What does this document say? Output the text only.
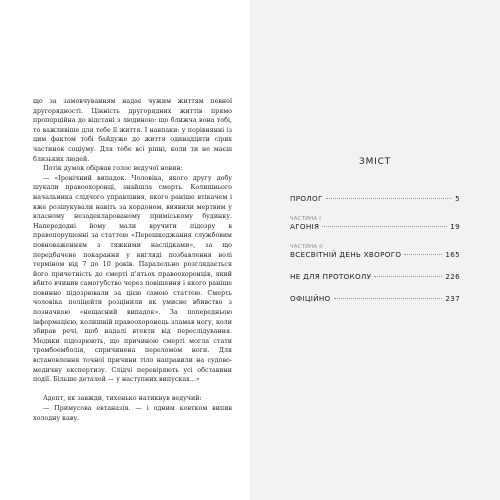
що за замовчуванням надає чужим життям певної другорядності. Цінність другорядних життів прямо пропорційна до відстані з людиною: що ближча вона тобі, то важливіше для тебе її життя. І навпаки: у порівнянні із цим фактом тобі байдуже до життя одинадцяти сірих частинок соціуму. Для тебе всі ріпні, коли ти не маєш близьких людей.

Потік думок обірвав голос ведучої новин:

— «Іронічний випадок. Чоловіка, якого другу добу шукали правоохоронці, знайшла смерть. Колишнього начальника слідчого управління, якого раніше втікачем і вже розшукували навіть за кордоном, виявили мертвим у власному незадекларованому приміському будинку. Напередодні йому мали вручити підозру в правопорушенні за статтею «Перешкоджання службовим повноваженням з тяжкими наслідками», за що передбачене покарання у вигляді позбавлення волі терміном від 7 до 10 років. Паралельно розглядається його причетність до смерті п'ятьох правоохоронців, який вбито вчинив самогубство через повішення і якого раніше повинно підозрювали за цією самою статтею. Смерть чоловіка поліцейти розцінили як умисне вбивство з позначкою «нещасний випадок». За попередньою інформацією, колишній правоохоронець зламав ногу, коли збирав речі, щоб надалі втекти від переслідування. Медики підозрюють, що причиною смерті могла стати тромбоемболія, спричинена переломом ноги. Для встановлення точної причини тіло направили на судово-медичну експертизу. Слідчі перевіряють усі обставини події. Більше деталей — у наступних випусках...»

Адепт, як завжди, тихенько натикнув ведучий:

— Примусова евтаназія. — і одним ковтком випив холодну каву.

ЗМІСТ
ПРОЛОГ	5
ЧАСТИНА І
АГОНІЯ	19
ЧАСТИНА ІІ
ВСЕСВІТНІЙ ДЕНЬ ХВОРОГО	165
НЕ ДЛЯ ПРОТОКОЛУ	226
ОФІЦІЙНО	237
